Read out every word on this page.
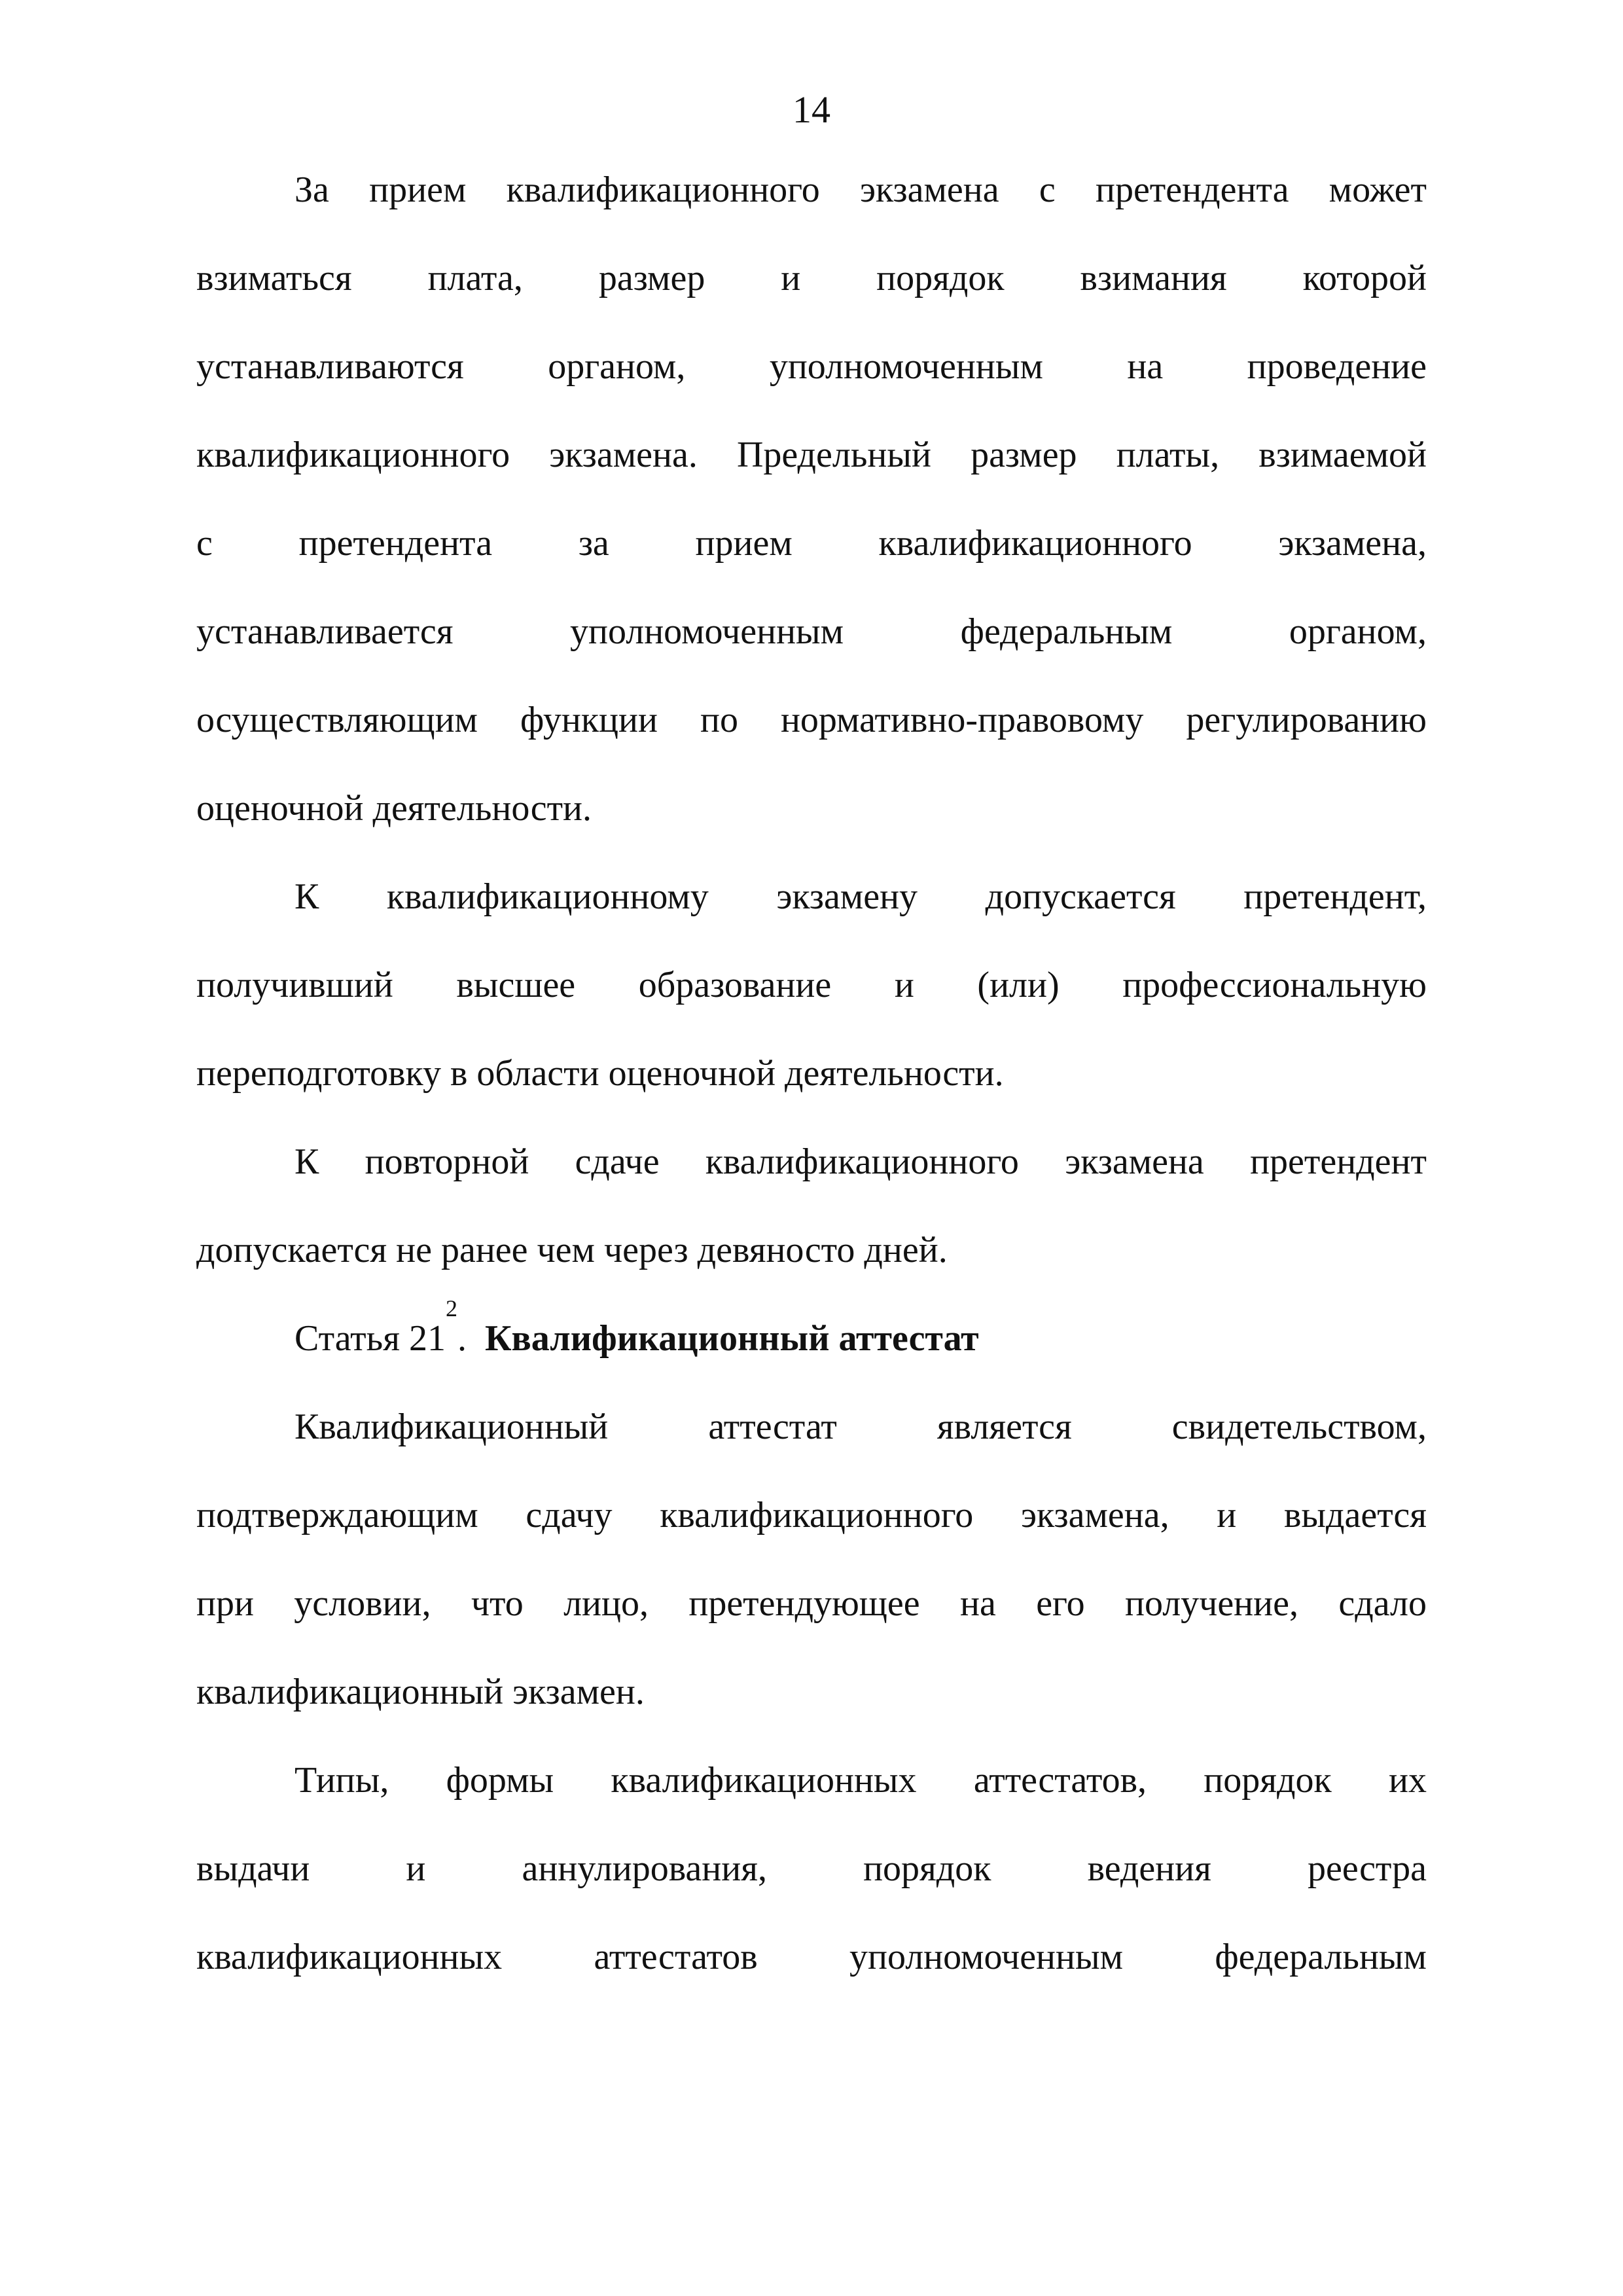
14
За прием квалификационного экзамена с претендента может
взиматься плата, размер и порядок взимания которой
устанавливаются органом, уполномоченным на проведение
квалификационного экзамена. Предельный размер платы, взимаемой
с претендента за прием квалификационного экзамена,
устанавливается	уполномоченным	федеральным	органом,
осуществляющим функции по нормативно-правовому регулированию
оценочной деятельности.
К квалификационному экзамену допускается претендент,
получивший высшее образование и (или) профессиональную
переподготовку в области оценочной деятельности.
К повторной сдаче квалификационного экзамена претендент
допускается не ранее чем через девяносто дней.
Статья 21
$^2$
.
Квалификационный аттестат
Квалификационный	аттестат	является	свидетельством,
подтверждающим сдачу квалификационного экзамена, и выдается
при условии, что лицо, претендующее на его получение, сдало
квалификационный экзамен.
Типы, формы квалификационных аттестатов, порядок их
выдачи	и	аннулирования,	порядок	ведения	реестра
квалификационных	аттестатов	уполномоченным	федеральным
